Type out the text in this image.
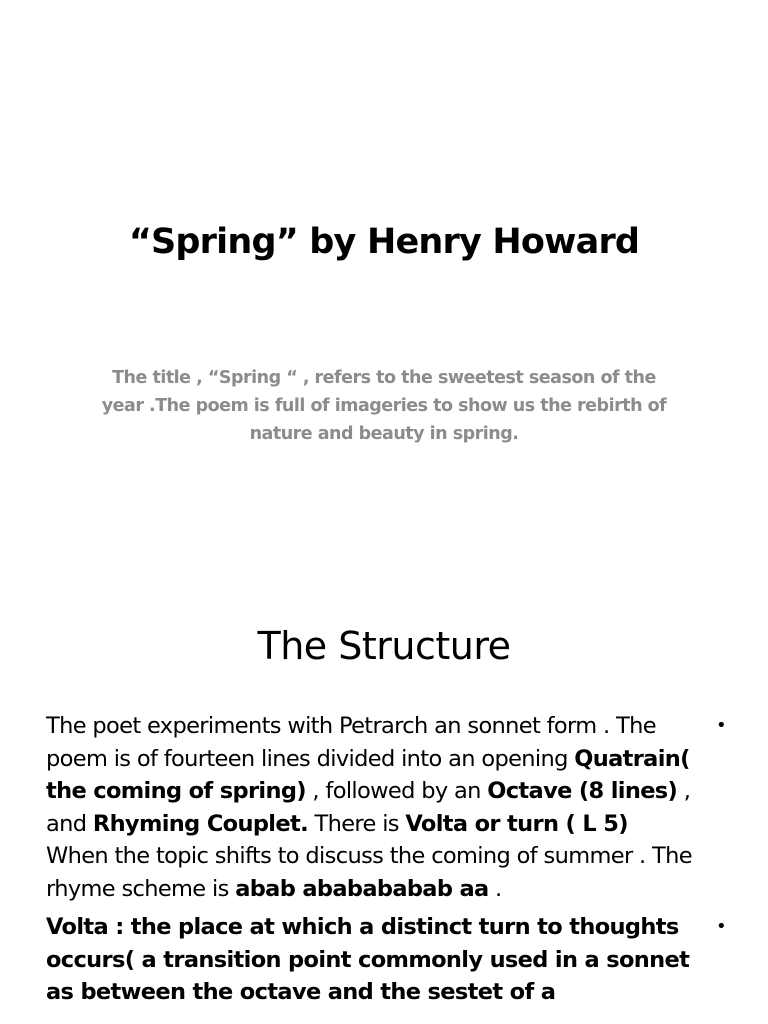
“Spring” by Henry Howard

The title , “Spring “ , refers to the sweetest season of the year .The poem is full of imageries to show us the rebirth of nature and beauty in spring.

The Structure
The poet experiments with Petrarch an sonnet form . The poem is of fourteen lines divided into an opening Quatrain( the coming of spring) , followed by an Octave (8 lines) , and Rhyming Couplet. There is Volta or turn ( L 5) When the topic shifts to discuss the coming of summer . The rhyme scheme is abab ababababab aa .
•
Volta : the place at which a distinct turn to thoughts occurs( a transition point commonly used in a sonnet as between the octave and the sestet of a
•
